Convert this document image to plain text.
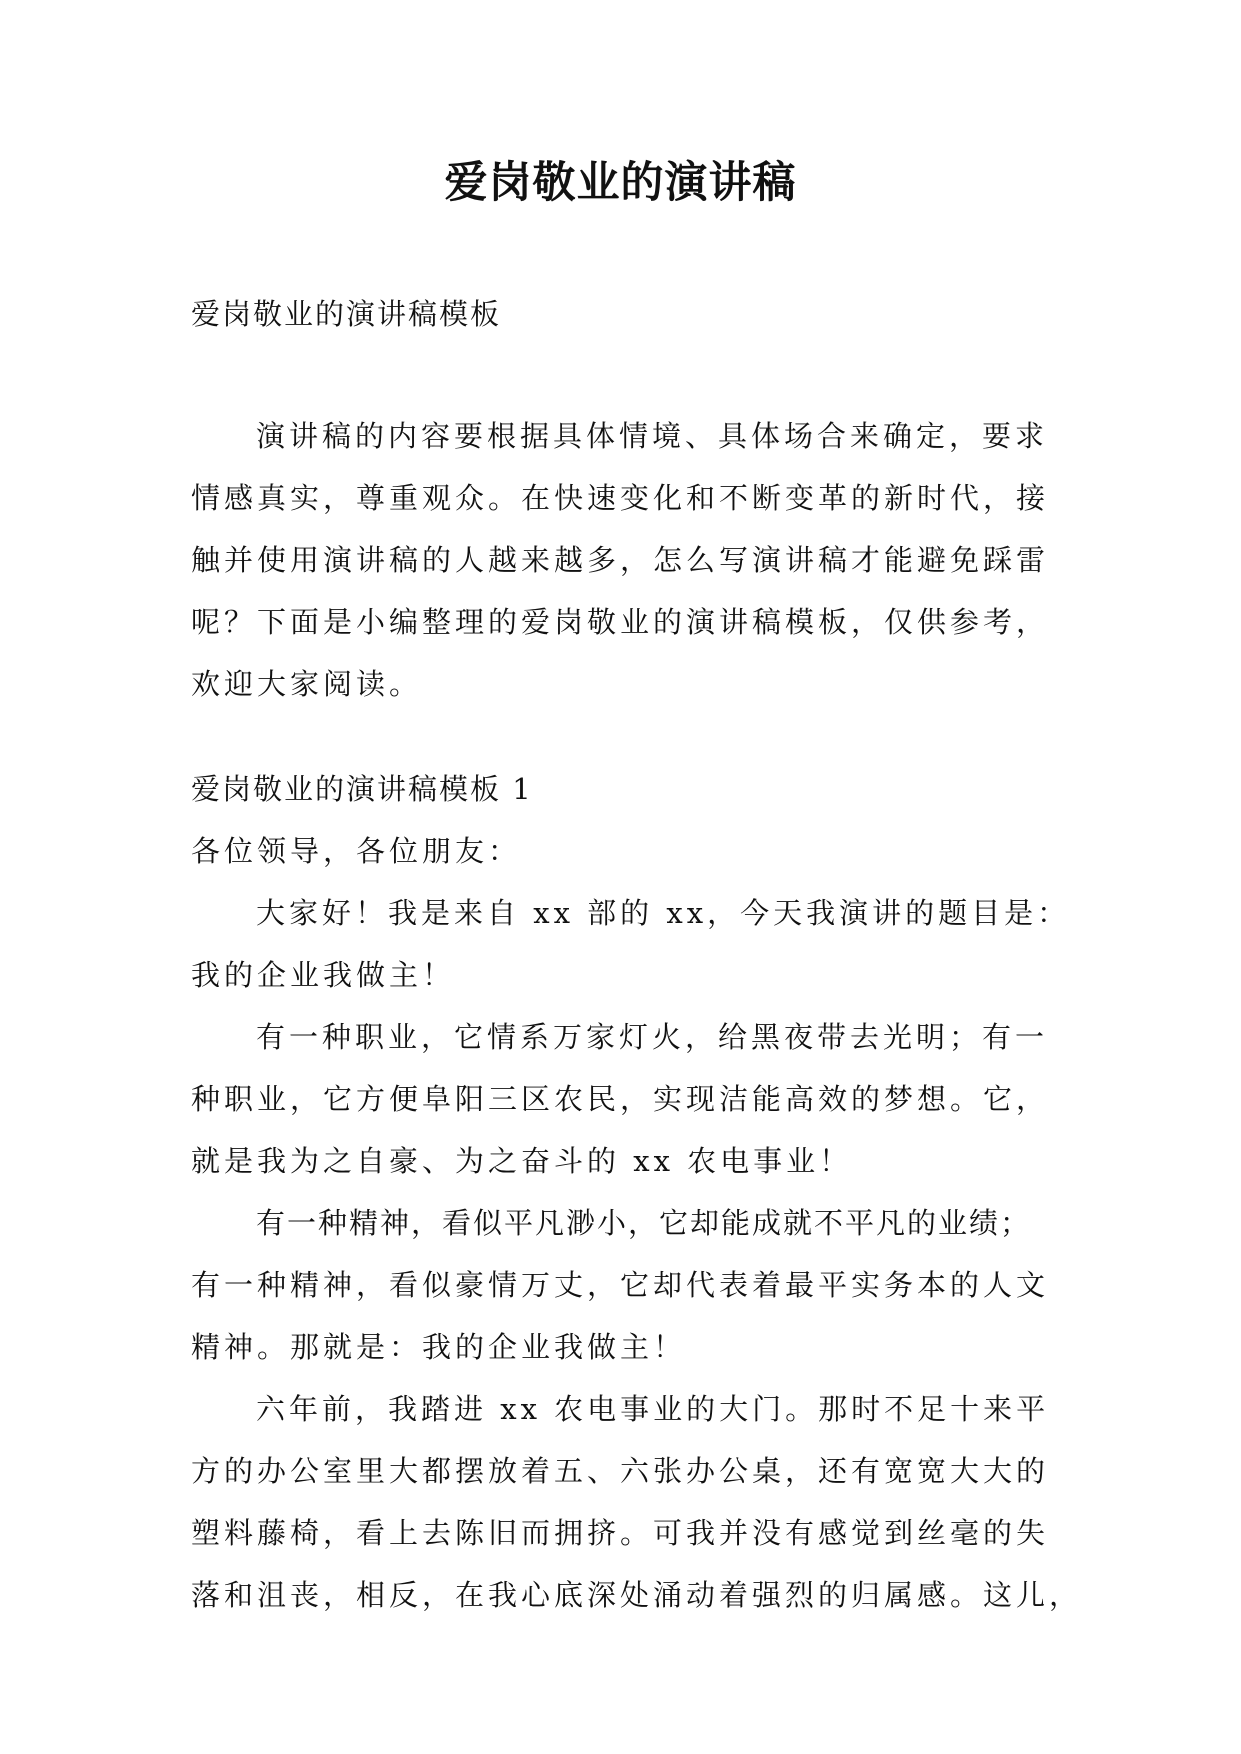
爱岗敬业的演讲稿

爱岗敬业的演讲稿模板

演讲稿的内容要根据具体情境、具体场合来确定，要求
情感真实，尊重观众。在快速变化和不断变革的新时代，接
触并使用演讲稿的人越来越多，怎么写演讲稿才能避免踩雷
呢？下面是小编整理的爱岗敬业的演讲稿模板，仅供参考，
欢迎大家阅读。
爱岗敬业的演讲稿模板 1
各位领导，各位朋友：
大家好！我是来自 xx 部的 xx，今天我演讲的题目是：
我的企业我做主！
有一种职业，它情系万家灯火，给黑夜带去光明；有一
种职业，它方便阜阳三区农民，实现洁能高效的梦想。它，
就是我为之自豪、为之奋斗的 xx 农电事业！
有一种精神，看似平凡渺小，它却能成就不平凡的业绩；
有一种精神，看似豪情万丈，它却代表着最平实务本的人文
精神。那就是：我的企业我做主！
六年前，我踏进 xx 农电事业的大门。那时不足十来平
方的办公室里大都摆放着五、六张办公桌，还有宽宽大大的
塑料藤椅，看上去陈旧而拥挤。可我并没有感觉到丝毫的失
落和沮丧，相反，在我心底深处涌动着强烈的归属感。这儿，
